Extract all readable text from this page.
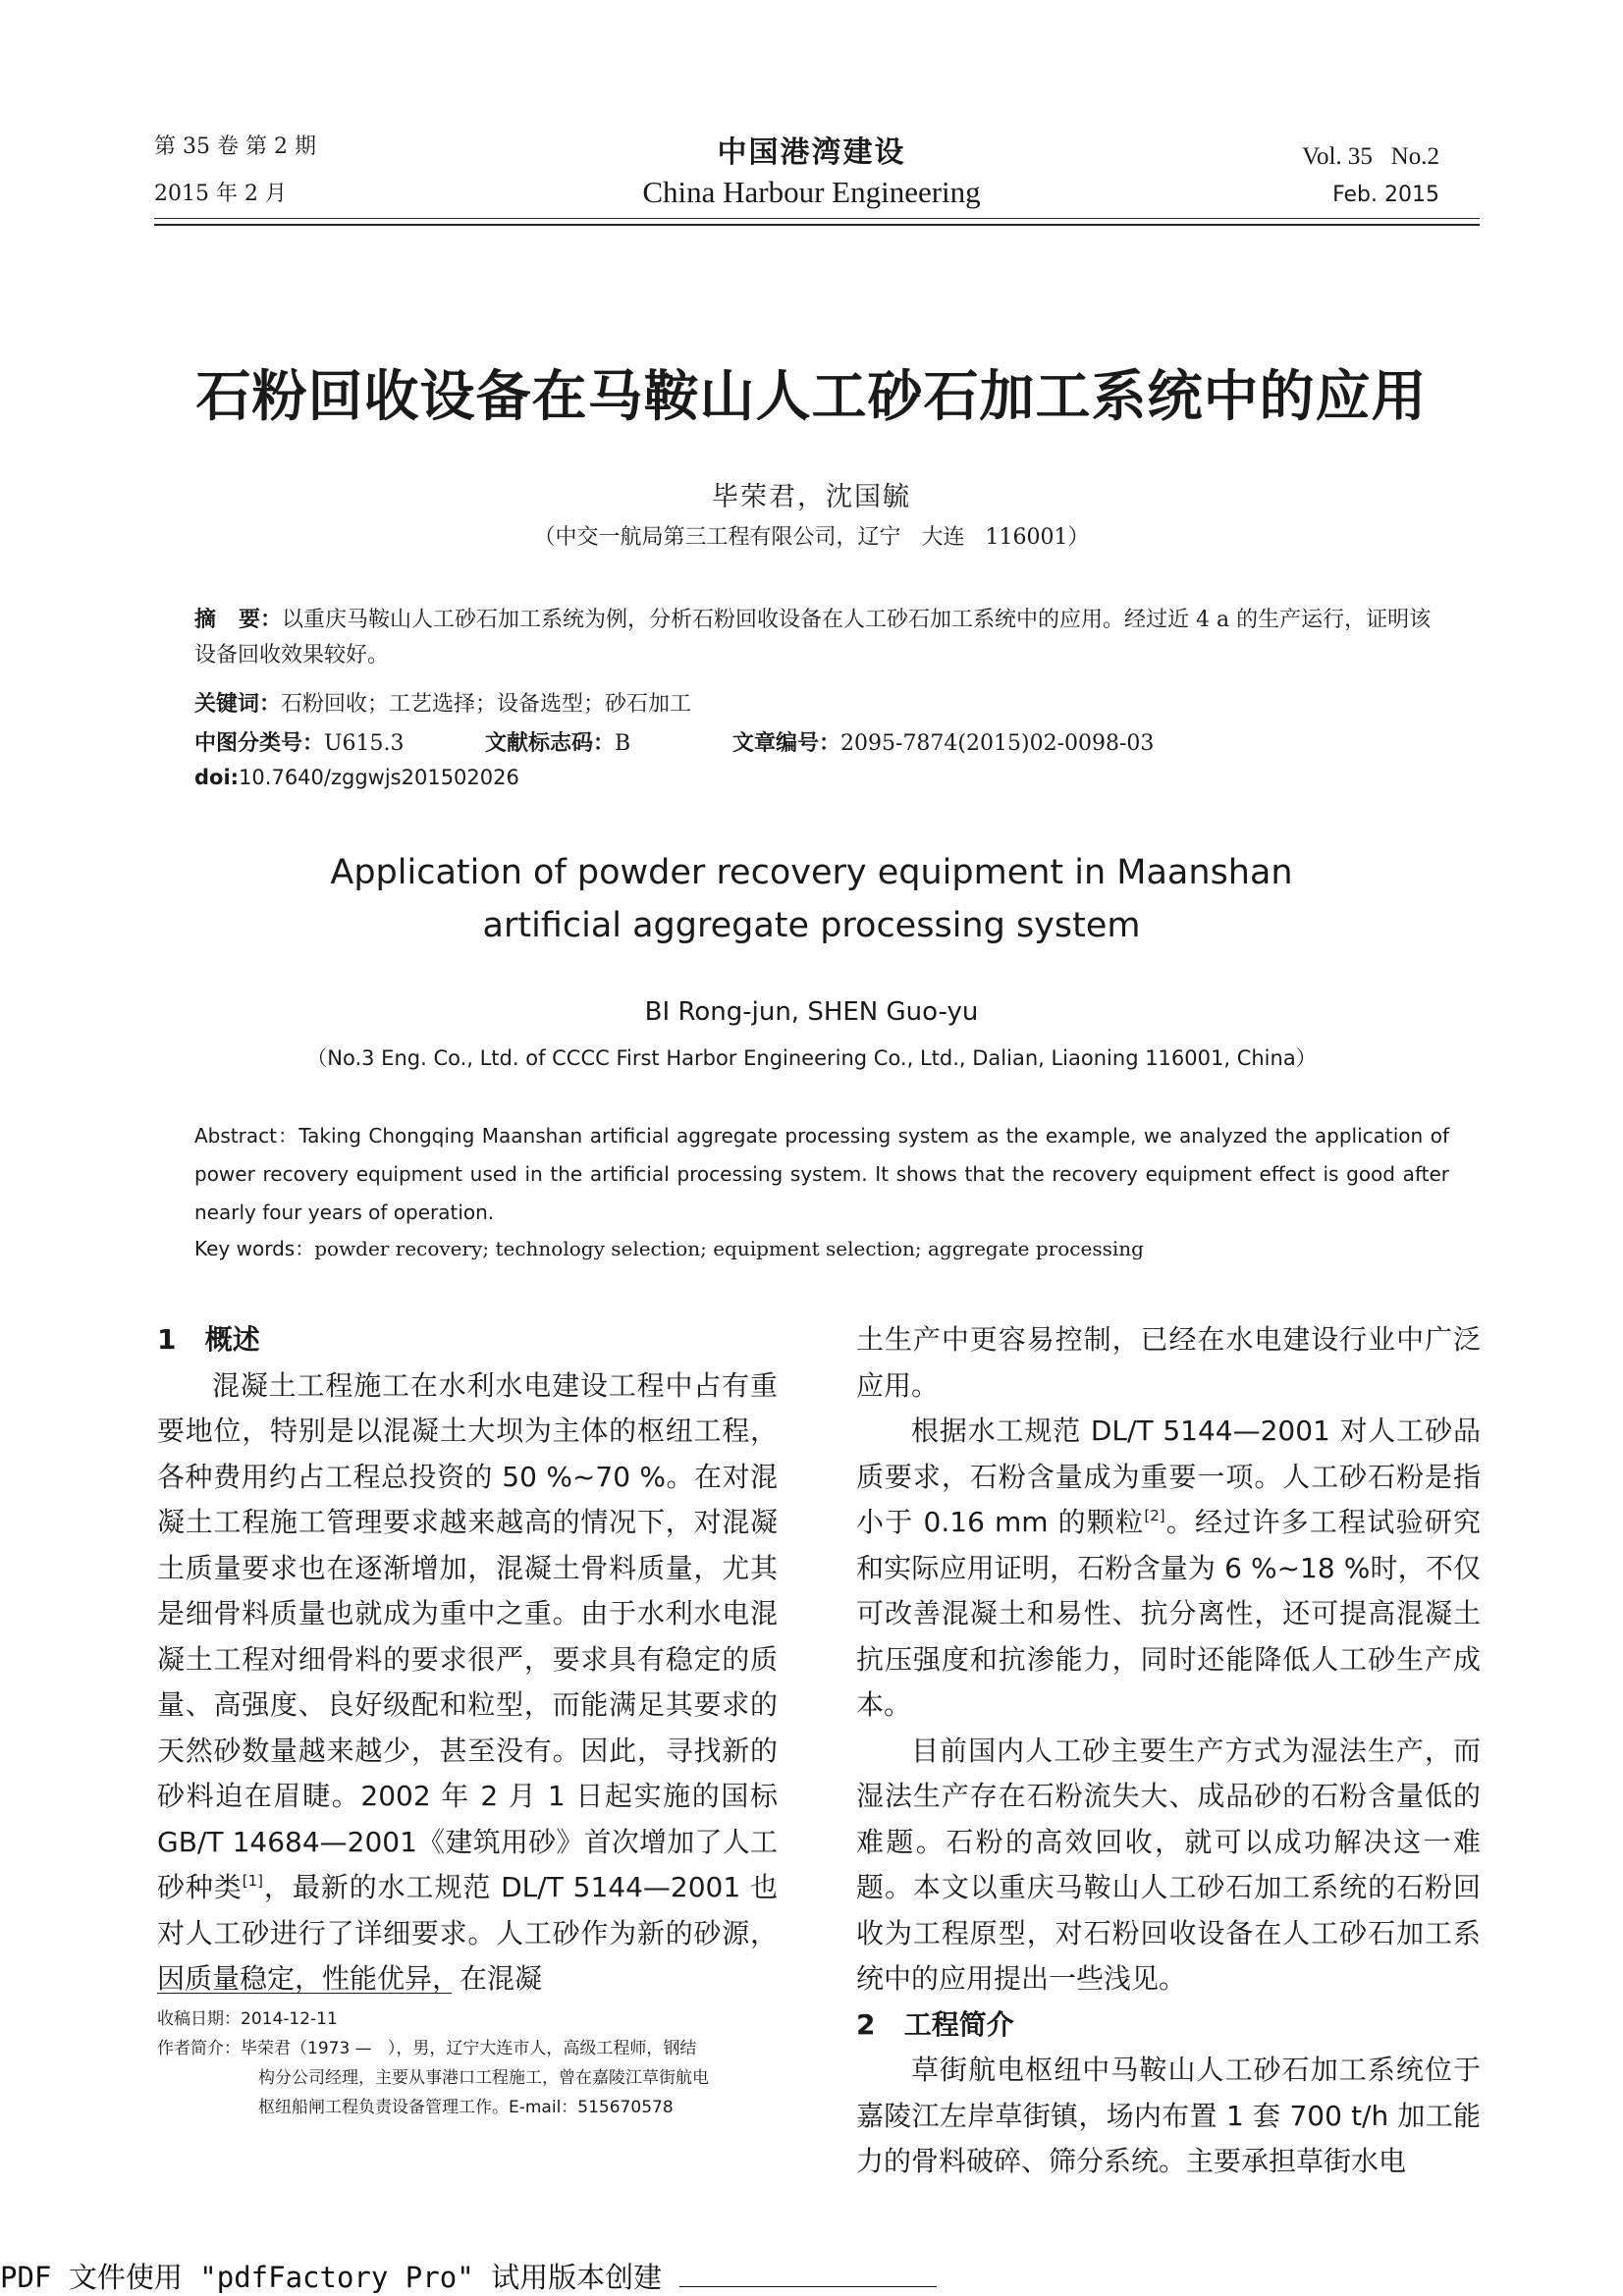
第 35 卷 第 2 期
2015 年 2 月
中国港湾建设
China Harbour Engineering
Vol. 35   No.2
Feb. 2015
石粉回收设备在马鞍山人工砂石加工系统中的应用
毕荣君，沈国毓
（中交一航局第三工程有限公司，辽宁   大连   116001）
摘   要：以重庆马鞍山人工砂石加工系统为例，分析石粉回收设备在人工砂石加工系统中的应用。经过近 4 a 的生产运行，证明该设备回收效果较好。
关键词：石粉回收；工艺选择；设备选型；砂石加工
中图分类号：U615.3	文献标志码：B	文章编号：2095-7874(2015)02-0098-03
doi:10.7640/zggwjs201502026
Application of powder recovery equipment in Maanshan
artificial aggregate processing system
BI Rong-jun, SHEN Guo-yu
（No.3 Eng. Co., Ltd. of CCCC First Harbor Engineering Co., Ltd., Dalian, Liaoning 116001, China）
Abstract：Taking Chongqing Maanshan artificial aggregate processing system as the example, we analyzed the application of power recovery equipment used in the artificial processing system. It shows that the recovery equipment effect is good after nearly four years of operation.
Key words：powder recovery; technology selection; equipment selection; aggregate processing

1   概述

混凝土工程施工在水利水电建设工程中占有重要地位，特别是以混凝土大坝为主体的枢纽工程，各种费用约占工程总投资的 50 %~70 %。在对混凝土工程施工管理要求越来越高的情况下，对混凝土质量要求也在逐渐增加，混凝土骨料质量，尤其是细骨料质量也就成为重中之重。由于水利水电混凝土工程对细骨料的要求很严，要求具有稳定的质量、高强度、良好级配和粒型，而能满足其要求的天然砂数量越来越少，甚至没有。因此，寻找新的砂料迫在眉睫。2002 年 2 月 1 日起实施的国标 GB/T 14684—2001《建筑用砂》首次增加了人工砂种类[1]，最新的水工规范 DL/T 5144—2001 也对人工砂进行了详细要求。人工砂作为新的砂源，因质量稳定，性能优异，在混凝

土生产中更容易控制，已经在水电建设行业中广泛应用。

根据水工规范 DL/T 5144—2001 对人工砂品质要求，石粉含量成为重要一项。人工砂石粉是指小于 0.16 mm 的颗粒[2]。经过许多工程试验研究和实际应用证明，石粉含量为 6 %~18 %时，不仅可改善混凝土和易性、抗分离性，还可提高混凝土抗压强度和抗渗能力，同时还能降低人工砂生产成本。

目前国内人工砂主要生产方式为湿法生产，而湿法生产存在石粉流失大、成品砂的石粉含量低的难题。石粉的高效回收，就可以成功解决这一难题。本文以重庆马鞍山人工砂石加工系统的石粉回收为工程原型，对石粉回收设备在人工砂石加工系统中的应用提出一些浅见。

2   工程简介

草街航电枢纽中马鞍山人工砂石加工系统位于嘉陵江左岸草街镇，场内布置 1 套 700 t/h 加工能力的骨料破碎、筛分系统。主要承担草街水电

收稿日期：2014-12-11
作者简介：毕荣君（1973 —   ），男，辽宁大连市人，高级工程师，钢结
构分公司经理，主要从事港口工程施工，曾在嘉陵江草街航电
枢纽船闸工程负责设备管理工作。E-mail：515670578
PDF 文件使用 "pdfFactory Pro" 试用版本创建
